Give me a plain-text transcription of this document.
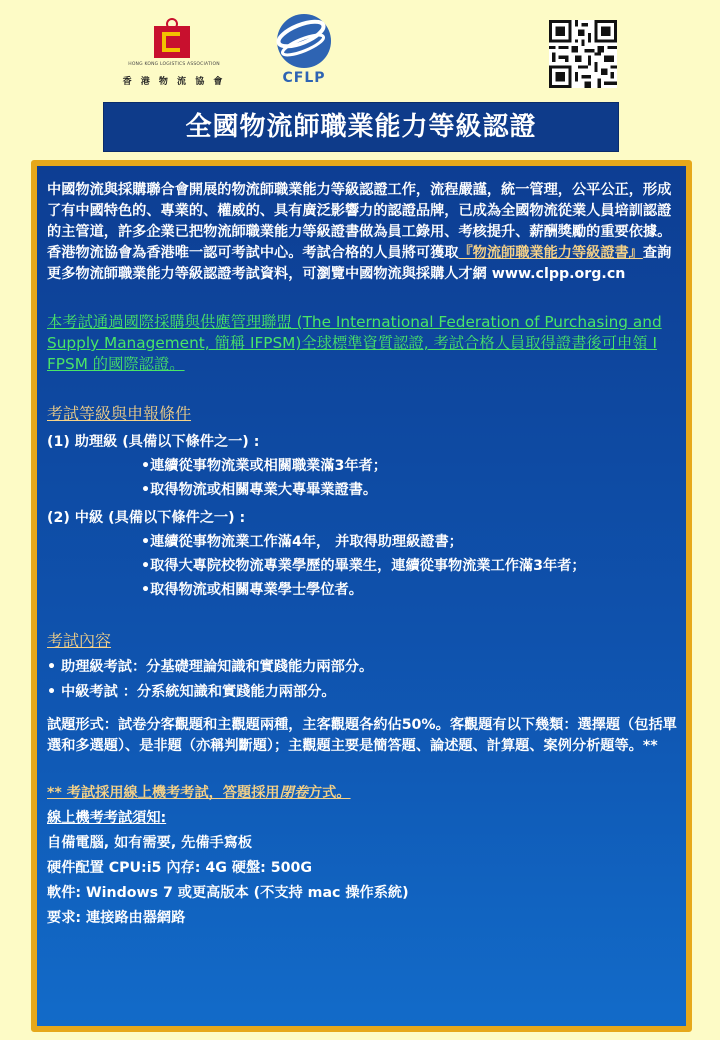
HONG KONG LOGISTICS ASSOCIATION
香 港 物 流 協 會	CFLP
全國物流師職業能力等級認證

中國物流與採購聯合會開展的物流師職業能力等級認證工作，流程嚴謹，統一管理，公平公正，形成了有中國特色的、專業的、權威的、具有廣泛影響力的認證品牌，已成為全國物流從業人員培訓認證的主管道，許多企業已把物流師職業能力等級證書做為員工錄用、考核提升、薪酬獎勵的重要依據。香港物流協會為香港唯一認可考試中心。考試合格的人員將可獲取『物流師職業能力等級證書』查詢更多物流師職業能力等級認證考試資料，可瀏覽中國物流與採購人才網 www.clpp.org.cn

本考試通過國際採購與供應管理聯盟 (The International Federation of Purchasing and Supply Management, 簡稱 IFPSM)全球標準資質認證, 考試合格人員取得證書後可申領 I FPSM 的國際認證。

考試等級與申報條件
(1) 助理級 (具備以下條件之一) :
•連續從事物流業或相關職業滿3年者；
•取得物流或相關專業大專畢業證書。
(2) 中級 (具備以下條件之一) :
•連續從事物流業工作滿4年， 并取得助理級證書；
•取得大專院校物流專業學歷的畢業生，連續從事物流業工作滿3年者；
•取得物流或相關專業學士學位者。
考試內容
• 助理級考試：分基礎理論知識和實踐能力兩部分。
• 中級考試 ：分系統知識和實踐能力兩部分。

試題形式：試卷分客觀題和主觀題兩種，主客觀題各約佔50%。客觀題有以下幾類：選擇題（包括單選和多選題）、是非題（亦稱判斷題）；主觀題主要是簡答題、論述題、計算題、案例分析題等。**

** 考試採用線上機考考試，答題採用閉卷方式。
線上機考考試須知:
自備電腦, 如有需要, 先備手寫板
硬件配置 CPU:i5 內存: 4G 硬盤: 500G
軟件: Windows 7 或更高版本 (不支持 mac 操作系統)
要求: 連接路由器網路
